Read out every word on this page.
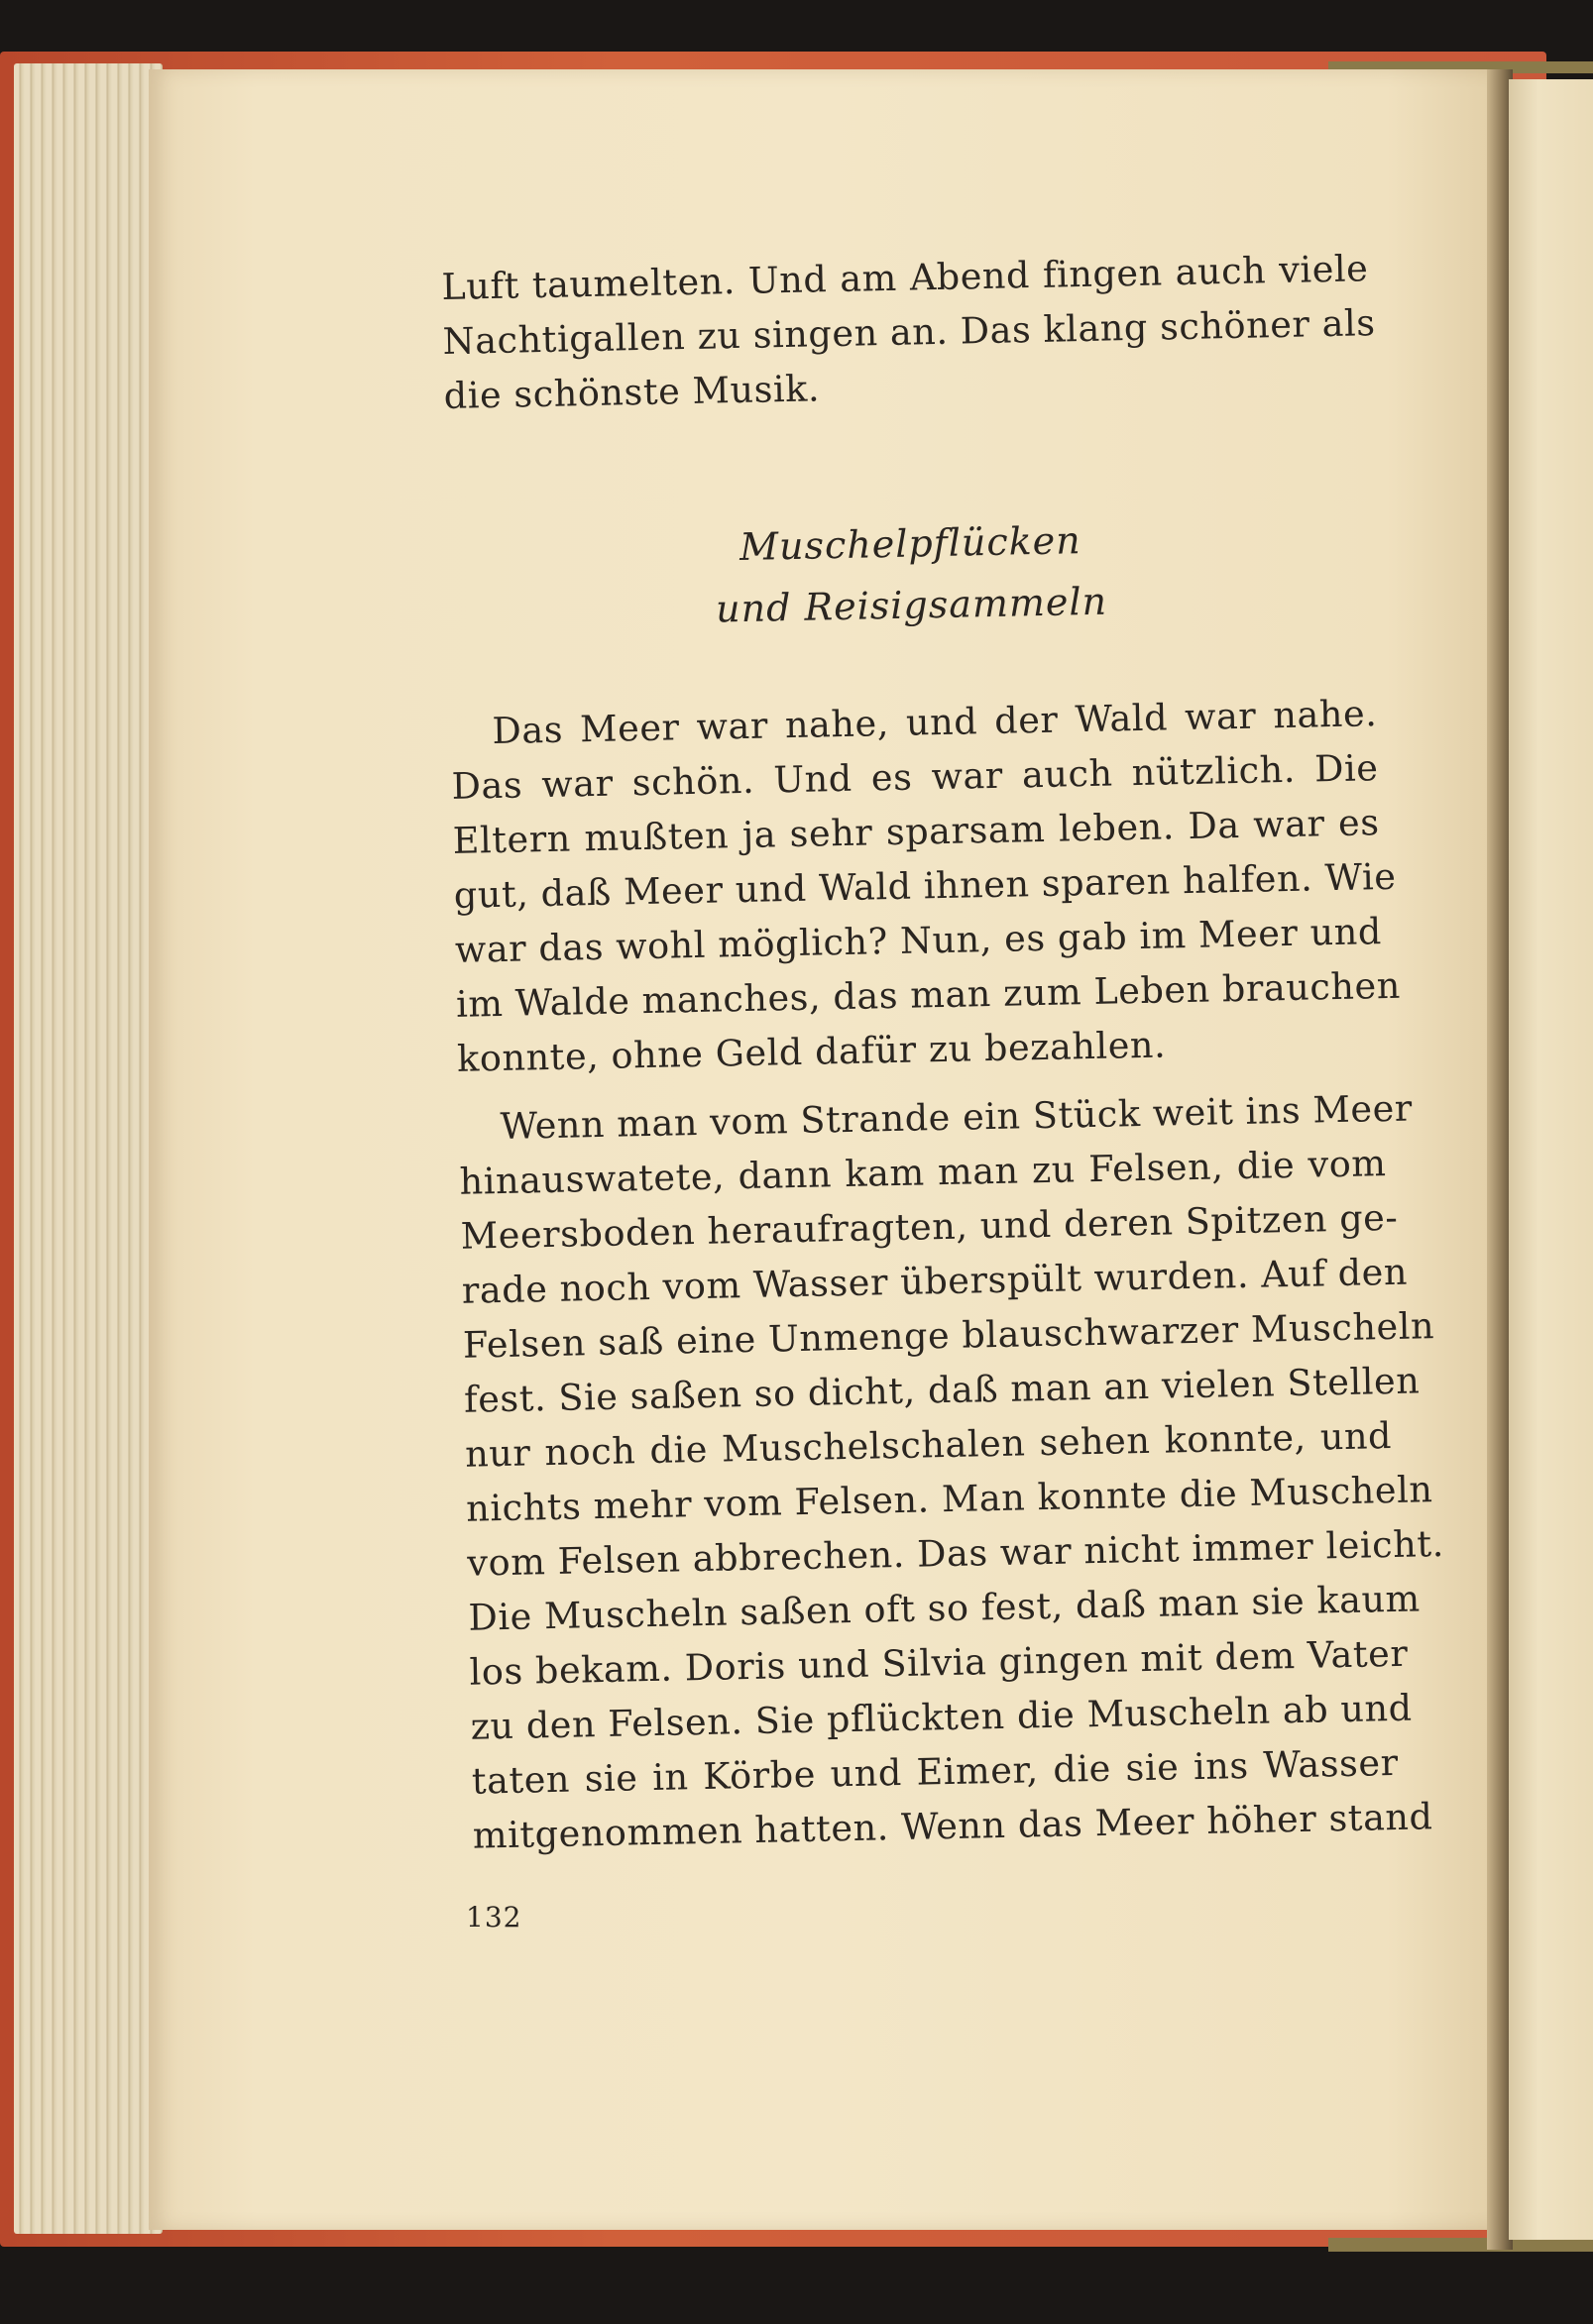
Luft taumelten. Und am Abend fingen auch viele
Nachtigallen zu singen an. Das klang schöner als
die schönste Musik.
Muschelpflücken
und Reisigsammeln
Das Meer war nahe, und der Wald war nahe.
Das war schön. Und es war auch nützlich. Die
Eltern mußten ja sehr sparsam leben. Da war es
gut, daß Meer und Wald ihnen sparen halfen. Wie
war das wohl möglich? Nun, es gab im Meer und
im Walde manches, das man zum Leben brauchen
konnte, ohne Geld dafür zu bezahlen.
Wenn man vom Strande ein Stück weit ins Meer
hinauswatete, dann kam man zu Felsen, die vom
Meersboden heraufragten, und deren Spitzen ge-
rade noch vom Wasser überspült wurden. Auf den
Felsen saß eine Unmenge blauschwarzer Muscheln
fest. Sie saßen so dicht, daß man an vielen Stellen
nur noch die Muschelschalen sehen konnte, und
nichts mehr vom Felsen. Man konnte die Muscheln
vom Felsen abbrechen. Das war nicht immer leicht.
Die Muscheln saßen oft so fest, daß man sie kaum
los bekam. Doris und Silvia gingen mit dem Vater
zu den Felsen. Sie pflückten die Muscheln ab und
taten sie in Körbe und Eimer, die sie ins Wasser
mitgenommen hatten. Wenn das Meer höher stand
132
